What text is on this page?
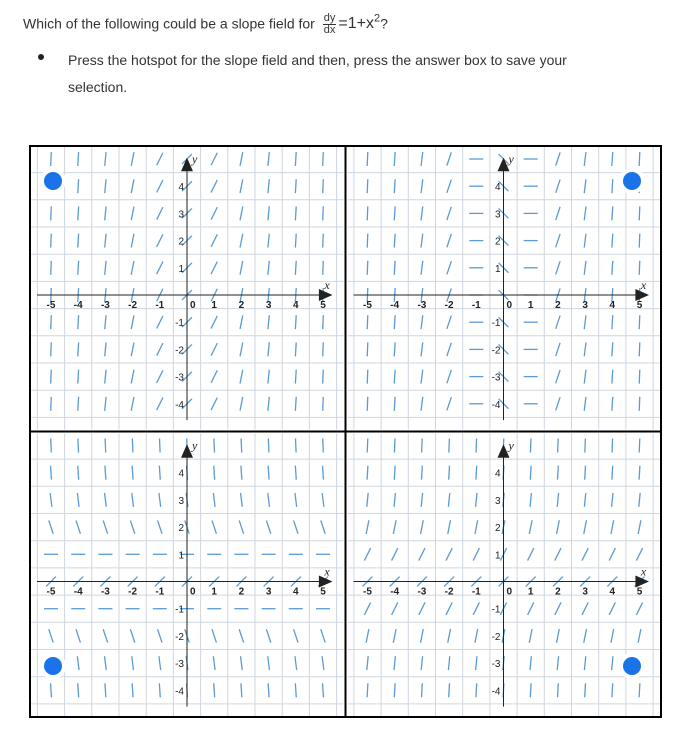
Which of the following could be a slope field for $\frac{dy}{dx} =1+x^2$?
Press the hotspot for the slope field and then, press the answer box to save your selection.
x
y
-5 -4 -3 -2 -1	0 1 2 3 4 5
4
3
2
1
-1
-2
-3
-4
x
y
-5 -4 -3 -2 -1	0 1 2 3 4 5
4
3
2
1
-1
-2
-3
-4
x
y
-5 -4 -3 -2 -1	0 1 2 3 4 5
4
3
2
1
-1
-2
-3
-4
x
y
-5 -4 -3 -2 -1	0 1 2 3 4 5
4
3
2
1
-1
-2
-3
-4
